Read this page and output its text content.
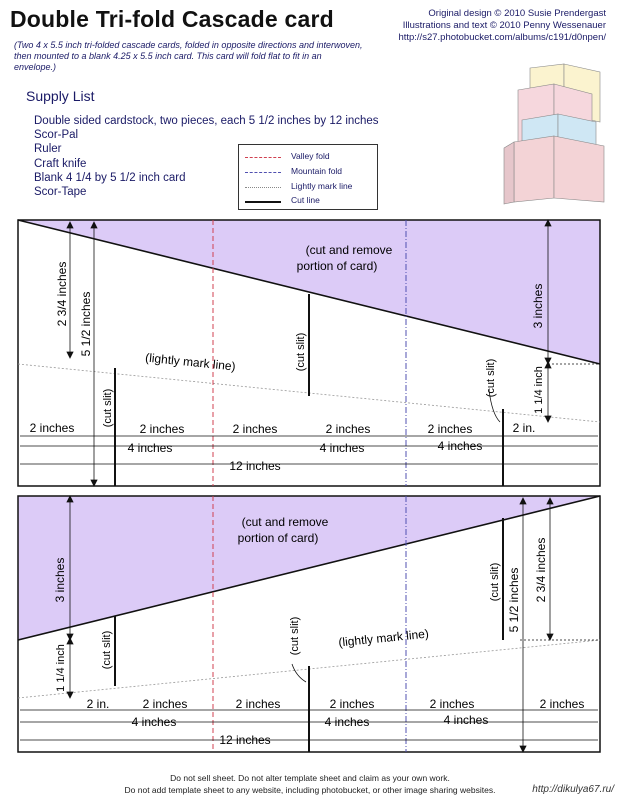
Double Tri-fold Cascade card	Original design © 2010 Susie Prendergast
Illustrations and text © 2010 Penny Wessenauer
http://s27.photobucket.com/albums/c191/d0npen/
(Two 4 x 5.5 inch tri-folded cascade cards, folded in opposite directions and interwoven, then mounted to a blank 4.25 x 5.5 inch card. This card will fold flat to fit in an envelope.)
Supply List
Double sided cardstock, two pieces, each 5 1/2 inches by 12 inches
Scor-Pal
Ruler
Craft knife
Blank 4 1/4 by 5 1/2 inch card
Scor-Tape
Valley fold
Mountain fold
Lightly mark line
Cut line
(cut and remove
portion of card)
2 3/4 inches 5 1/2 inches	3 inches
1 1/4 inch
(lightly mark line)
(cut slit)
(cut slit)
(cut slit)
2 inches	2 inches	2 inches	2 inches	2 inches	2 in.
4 inches	4 inches	4 inches
12 inches
(cut and remove
portion of card)
3 inches
1 1/4 inch
5 1/2 inches 2 3/4 inches
(lightly mark line)
(cut slit)	(cut slit)
(cut slit)
2 in.	2 inches	2 inches	2 inches	2 inches	2 inches
4 inches	4 inches	4 inches
12 inches
Do not sell sheet. Do not alter template sheet and claim as your own work.
Do not add template sheet to any website, including photobucket, or other image sharing websites.	http://dikulya67.ru/
